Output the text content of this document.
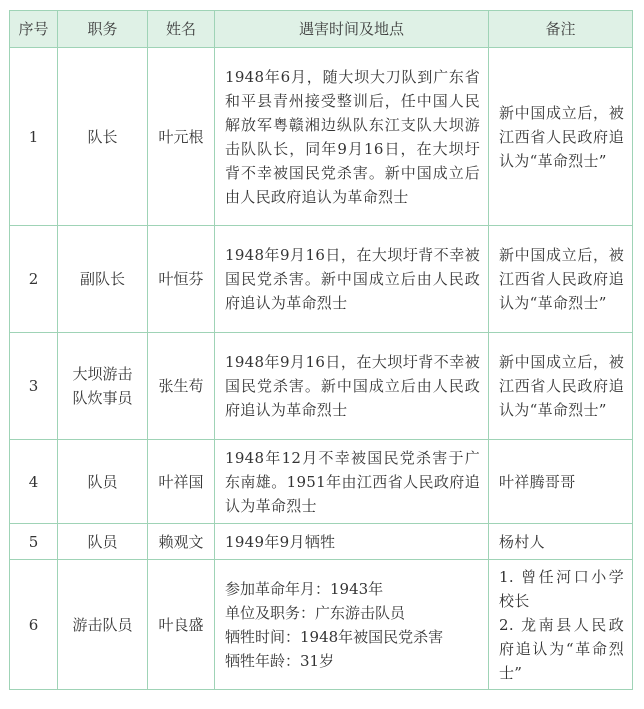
序号	职务	姓名	遇害时间及地点	备注
1	队长	叶元根	1948年6月，随大坝大刀队到广东省和平县青州接受整训后，任中国人民解放军粤赣湘边纵队东江支队大坝游击队队长，同年9月16日，在大坝圩背不幸被国民党杀害。新中国成立后由人民政府追认为革命烈士	新中国成立后，被江西省人民政府追认为“革命烈士”
2	副队长	叶恒芬	1948年9月16日，在大坝圩背不幸被国民党杀害。新中国成立后由人民政府追认为革命烈士	新中国成立后，被江西省人民政府追认为“革命烈士”
3	大坝游击队炊事员	张生苟	1948年9月16日，在大坝圩背不幸被国民党杀害。新中国成立后由人民政府追认为革命烈士	新中国成立后，被江西省人民政府追认为“革命烈士”
4	队员	叶祥国	1948年12月不幸被国民党杀害于广东南雄。1951年由江西省人民政府追认为革命烈士	叶祥腾哥哥
5	队员	赖观文	1949年9月牺牲	杨村人
6	游击队员	叶良盛	参加革命年月：1943年
单位及职务：广东游击队员
牺牲时间：1948年被国民党杀害
牺牲年龄：31岁	1. 曾任河口小学校长
2. 龙南县人民政府追认为“革命烈士”
